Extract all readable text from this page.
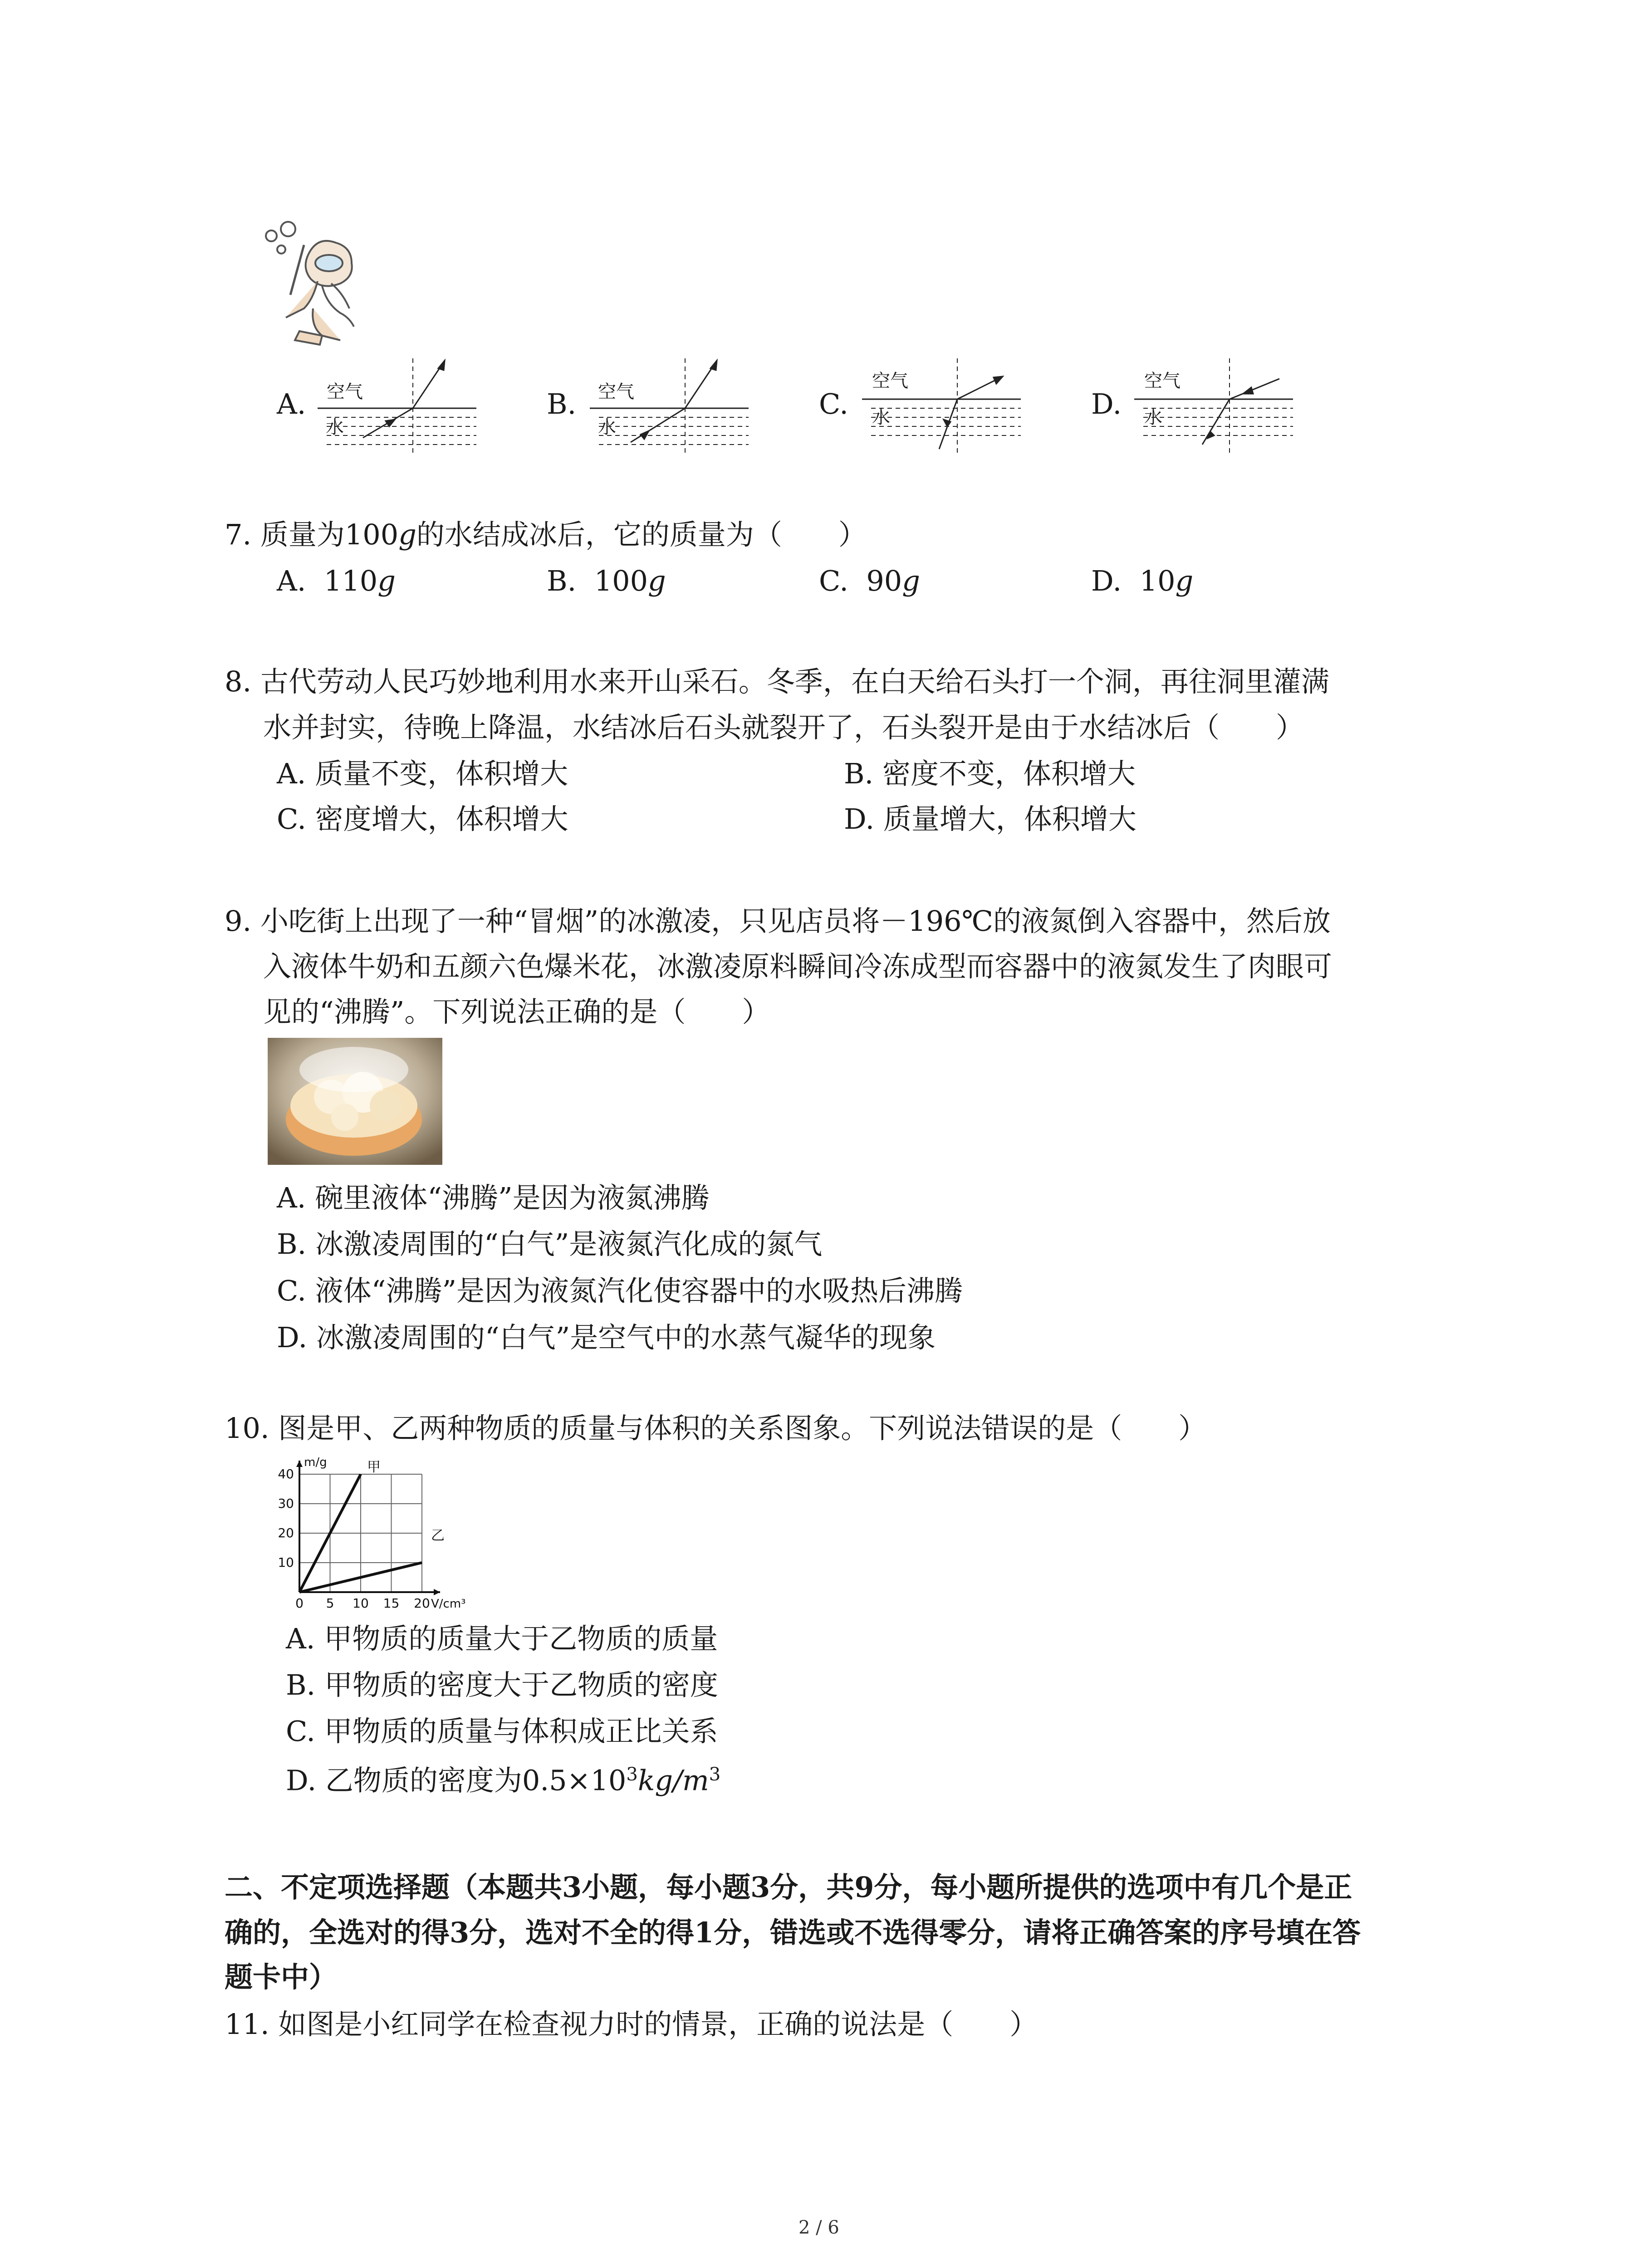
A. 空气
水
B. 空气
水
C.
空气
水	D.
空气
水
7. 质量为100g的水结成冰后，它的质量为（　　）
A. 110g	B. 100g	C. 90g	D. 10g
8. 古代劳动人民巧妙地利用水来开山采石。冬季，在白天给石头打一个洞，再往洞里灌满
水并封实，待晚上降温，水结冰后石头就裂开了，石头裂开是由于水结冰后（　　）
A. 质量不变，体积增大	B. 密度不变，体积增大
C. 密度增大，体积增大	D. 质量增大，体积增大
9. 小吃街上出现了一种“冒烟”的冰激凌，只见店员将－196℃的液氮倒入容器中，然后放
入液体牛奶和五颜六色爆米花，冰激凌原料瞬间冷冻成型而容器中的液氮发生了肉眼可
见的“沸腾”。下列说法正确的是（　　）
A. 碗里液体“沸腾”是因为液氮沸腾
B. 冰激凌周围的“白气”是液氮汽化成的氮气
C. 液体“沸腾”是因为液氮汽化使容器中的水吸热后沸腾
D. 冰激凌周围的“白气”是空气中的水蒸气凝华的现象
10. 图是甲、乙两种物质的质量与体积的关系图象。下列说法错误的是（　　）
0 5 10 15 20
10
20
30
40
m/g
V/cm³
甲
乙
A. 甲物质的质量大于乙物质的质量
B. 甲物质的密度大于乙物质的密度
C. 甲物质的质量与体积成正比关系
D. 乙物质的密度为$0.5\times 10^3kg/m^3$
二、不定项选择题（本题共3小题，每小题3分，共9分，每小题所提供的选项中有几个是正
确的，全选对的得3分，选对不全的得1分，错选或不选得零分，请将正确答案的序号填在答
题卡中）
11. 如图是小红同学在检查视力时的情景，正确的说法是（　　）
2 / 6
